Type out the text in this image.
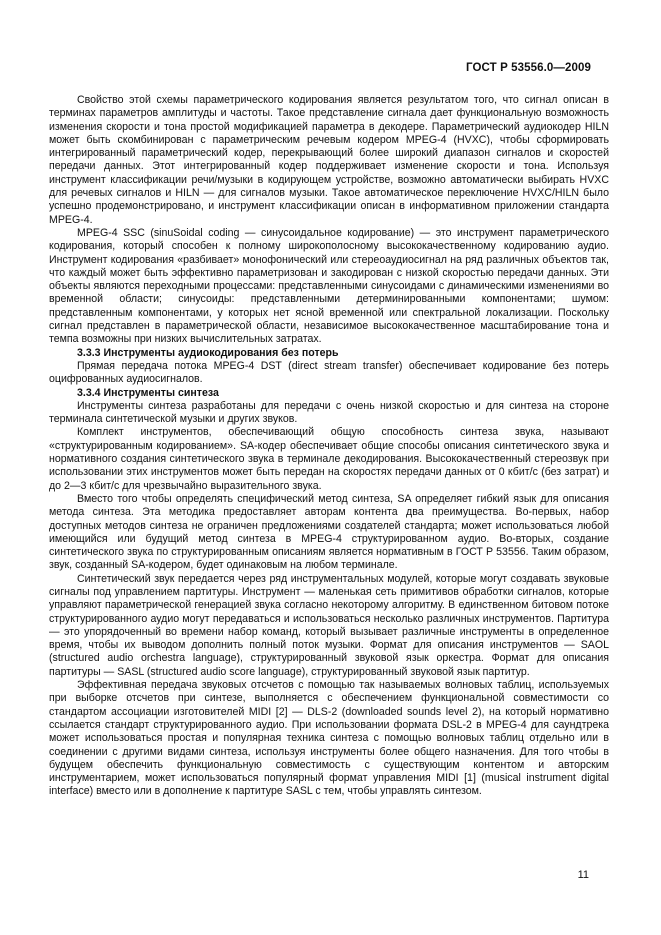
ГОСТ Р 53556.0—2009

Свойство этой схемы параметрического кодирования является результатом того, что сигнал описан в терминах параметров амплитуды и частоты. Такое представление сигнала дает функциональную возможность изменения скорости и тона простой модификацией параметра в декодере. Параметрический аудиокодер HILN может быть скомбинирован с параметрическим речевым кодером MPEG-4 (HVXC), чтобы сформировать интегрированный параметрический кодер, перекрывающий более широкий диапазон сигналов и скоростей передачи данных. Этот интегрированный кодер поддерживает изменение скорости и тона. Используя инструмент классификации речи/музыки в кодирующем устройстве, возможно автоматически выбирать HVXC для речевых сигналов и HILN — для сигналов музыки. Такое автоматическое переключение HVXC/HILN было успешно продемонстрировано, и инструмент классификации описан в информативном приложении стандарта MPEG-4.

MPEG-4 SSC (sinuSoidal coding — синусоидальное кодирование) — это инструмент параметрического кодирования, который способен к полному широкополосному высококачественному кодированию аудио. Инструмент кодирования «разбивает» монофонический или стереоаудиосигнал на ряд различных объектов так, что каждый может быть эффективно параметризован и закодирован с низкой скоростью передачи данных. Эти объекты являются переходными процессами: представленными синусоидами с динамическими изменениями во временной области; синусоиды: представленными детерминированными компонентами; шумом: представленным компонентами, у которых нет ясной временной или спектральной локализации. Поскольку сигнал представлен в параметрической области, независимое высококачественное масштабирование тона и темпа возможны при низких вычислительных затратах.

3.3.3 Инструменты аудиокодирования без потерь

Прямая передача потока MPEG-4 DST (direct stream transfer) обеспечивает кодирование без потерь оцифрованных аудиосигналов.

3.3.4 Инструменты синтеза

Инструменты синтеза разработаны для передачи с очень низкой скоростью и для синтеза на стороне терминала синтетической музыки и других звуков.

Комплект инструментов, обеспечивающий общую способность синтеза звука, называют «структурированным кодированием». SA-кодер обеспечивает общие способы описания синтетического звука и нормативного создания синтетического звука в терминале декодирования. Высококачественный стереозвук при использовании этих инструментов может быть передан на скоростях передачи данных от 0 кбит/с (без затрат) и до 2—3 кбит/с для чрезвычайно выразительного звука.

Вместо того чтобы определять специфический метод синтеза, SA определяет гибкий язык для описания метода синтеза. Эта методика предоставляет авторам контента два преимущества. Во-первых, набор доступных методов синтеза не ограничен предложениями создателей стандарта; может использоваться любой имеющийся или будущий метод синтеза в MPEG-4 структурированном аудио. Во-вторых, создание синтетического звука по структурированным описаниям является нормативным в ГОСТ Р 53556. Таким образом, звук, созданный SA-кодером, будет одинаковым на любом терминале.

Синтетический звук передается через ряд инструментальных модулей, которые могут создавать звуковые сигналы под управлением партитуры. Инструмент — маленькая сеть примитивов обработки сигналов, которые управляют параметрической генерацией звука согласно некоторому алгоритму. В единственном битовом потоке структурированного аудио могут передаваться и использоваться несколько различных инструментов. Партитура — это упорядоченный во времени набор команд, который вызывает различные инструменты в определенное время, чтобы их выводом дополнить полный поток музыки. Формат для описания инструментов — SAOL (structured audio orchestra language), структурированный звуковой язык оркестра. Формат для описания партитуры — SASL (structured audio score language), структурированный звуковой язык партитур.

Эффективная передача звуковых отсчетов с помощью так называемых волновых таблиц, используемых при выборке отсчетов при синтезе, выполняется с обеспечением функциональной совместимости со стандартом ассоциации изготовителей MIDI [2] — DLS-2 (downloaded sounds level 2), на который нормативно ссылается стандарт структурированного аудио. При использовании формата DSL-2 в MPEG-4 для саундтрека может использоваться простая и популярная техника синтеза с помощью волновых таблиц отдельно или в соединении с другими видами синтеза, используя инструменты более общего назначения. Для того чтобы в будущем обеспечить функциональную совместимость с существующим контентом и авторским инструментарием, может использоваться популярный формат управления MIDI [1] (musical instrument digital interface) вместо или в дополнение к партитуре SASL с тем, чтобы управлять синтезом.

11
